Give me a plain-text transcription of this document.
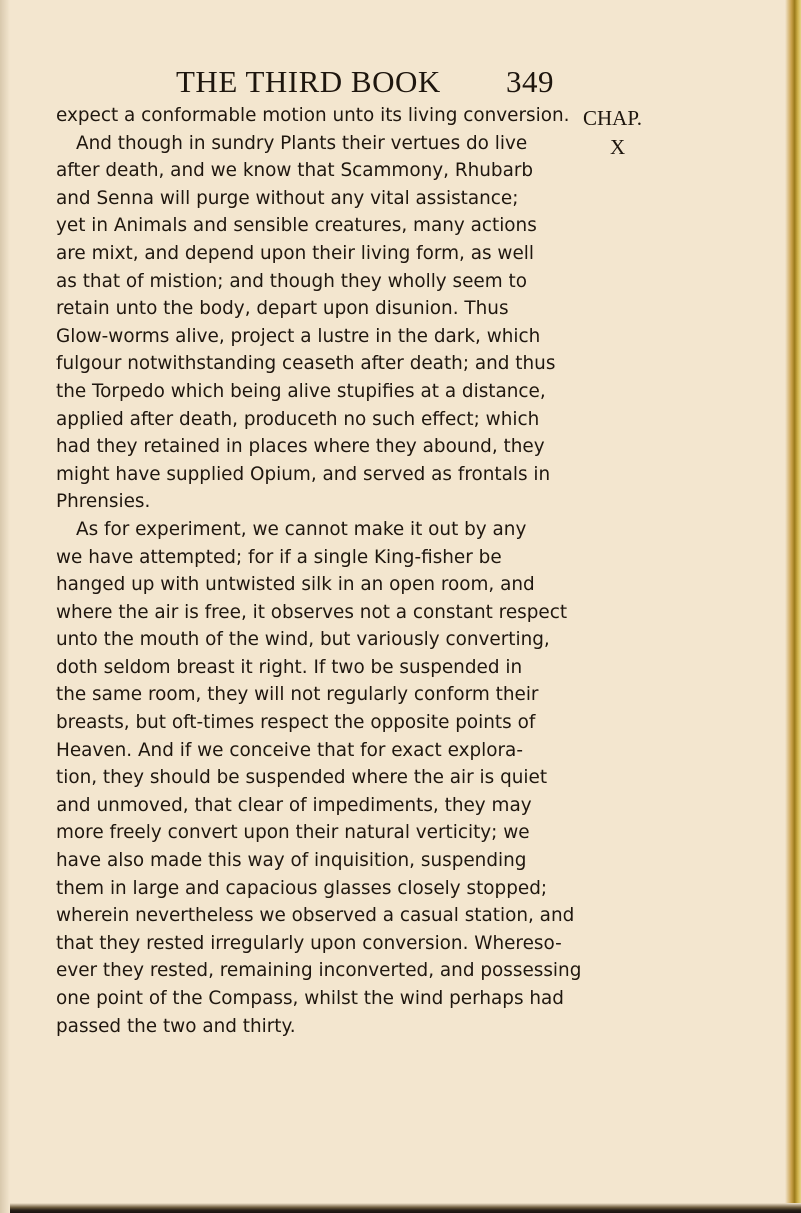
THE THIRD BOOK 349
CHAP.
X
expect a conformable motion unto its living conversion.
And though in sundry Plants their vertues do live
after death, and we know that Scammony, Rhubarb
and Senna will purge without any vital assistance;
yet in Animals and sensible creatures, many actions
are mixt, and depend upon their living form, as well
as that of mistion; and though they wholly seem to
retain unto the body, depart upon disunion. Thus
Glow-worms alive, project a lustre in the dark, which
fulgour notwithstanding ceaseth after death; and thus
the Torpedo which being alive stupifies at a distance,
applied after death, produceth no such effect; which
had they retained in places where they abound, they
might have supplied Opium, and served as frontals in
Phrensies.
As for experiment, we cannot make it out by any
we have attempted; for if a single King-fisher be
hanged up with untwisted silk in an open room, and
where the air is free, it observes not a constant respect
unto the mouth of the wind, but variously converting,
doth seldom breast it right. If two be suspended in
the same room, they will not regularly conform their
breasts, but oft-times respect the opposite points of
Heaven. And if we conceive that for exact explora-
tion, they should be suspended where the air is quiet
and unmoved, that clear of impediments, they may
more freely convert upon their natural verticity; we
have also made this way of inquisition, suspending
them in large and capacious glasses closely stopped;
wherein nevertheless we observed a casual station, and
that they rested irregularly upon conversion. Whereso-
ever they rested, remaining inconverted, and possessing
one point of the Compass, whilst the wind perhaps had
passed the two and thirty.
